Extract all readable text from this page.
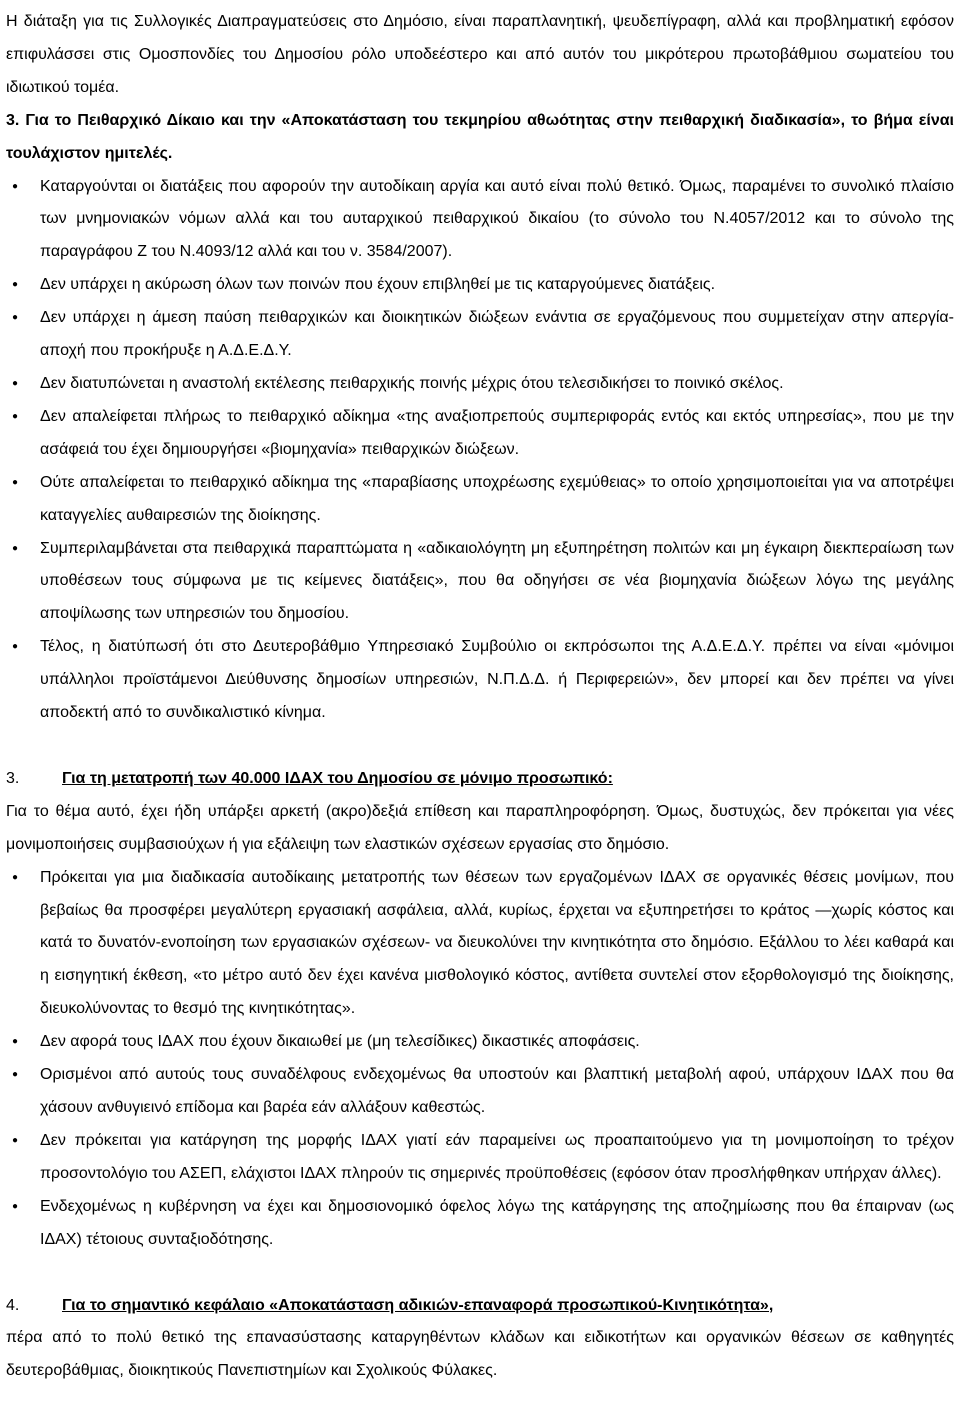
Η διάταξη για τις Συλλογικές Διαπραγματεύσεις στο Δημόσιο, είναι παραπλανητική, ψευδεπίγραφη, αλλά και προβληματική εφόσον επιφυλάσσει στις Ομοσπονδίες του Δημοσίου ρόλο υποδεέστερο και από αυτόν του μικρότερου πρωτοβάθμιου σωματείου του ιδιωτικού τομέα.

3. Για το Πειθαρχικό Δίκαιο και την «Αποκατάσταση του τεκμηρίου αθωότητας στην πειθαρχική διαδικασία», το βήμα είναι τουλάχιστον ημιτελές.

● Καταργούνται οι διατάξεις που αφορούν την αυτοδίκαιη αργία και αυτό είναι πολύ θετικό. Όμως, παραμένει το συνολικό πλαίσιο των μνημονιακών νόμων αλλά και του αυταρχικού πειθαρχικού δικαίου (το σύνολο του Ν.4057/2012 και το σύνολο της παραγράφου Ζ του Ν.4093/12 αλλά και του ν. 3584/2007).

● Δεν υπάρχει η ακύρωση όλων των ποινών που έχουν επιβληθεί με τις καταργούμενες διατάξεις.

● Δεν υπάρχει η άμεση παύση πειθαρχικών και διοικητικών διώξεων ενάντια σε εργαζόμενους που συμμετείχαν στην απεργία-αποχή που προκήρυξε η Α.Δ.Ε.Δ.Υ.

● Δεν διατυπώνεται η αναστολή εκτέλεσης πειθαρχικής ποινής μέχρις ότου τελεσιδικήσει το ποινικό σκέλος.

● Δεν απαλείφεται πλήρως το πειθαρχικό αδίκημα «της αναξιοπρεπούς συμπεριφοράς εντός και εκτός υπηρεσίας», που με την ασάφειά του έχει δημιουργήσει «βιομηχανία» πειθαρχικών διώξεων.

● Ούτε απαλείφεται το πειθαρχικό αδίκημα της «παραβίασης υποχρέωσης εχεμύθειας» το οποίο χρησιμοποιείται για να αποτρέψει καταγγελίες αυθαιρεσιών της διοίκησης.

● Συμπεριλαμβάνεται στα πειθαρχικά παραπτώματα η «αδικαιολόγητη μη εξυπηρέτηση πολιτών και μη έγκαιρη διεκπεραίωση των υποθέσεων τους σύμφωνα με τις κείμενες διατάξεις», που θα οδηγήσει σε νέα βιομηχανία διώξεων λόγω της μεγάλης αποψίλωσης των υπηρεσιών του δημοσίου.

● Τέλος, η διατύπωσή ότι στο Δευτεροβάθμιο Υπηρεσιακό Συμβούλιο οι εκπρόσωποι της Α.Δ.Ε.Δ.Υ. πρέπει να είναι «μόνιμοι υπάλληλοι προϊστάμενοι Διεύθυνσης δημοσίων υπηρεσιών, Ν.Π.Δ.Δ. ή Περιφερειών», δεν μπορεί και δεν πρέπει να γίνει αποδεκτή από το συνδικαλιστικό κίνημα.

3.	Για τη μετατροπή των 40.000 ΙΔΑΧ του Δημοσίου σε μόνιμο προσωπικό:

Για το θέμα αυτό, έχει ήδη υπάρξει αρκετή (ακρο)δεξιά επίθεση και παραπληροφόρηση. Όμως, δυστυχώς, δεν πρόκειται για νέες μονιμοποιήσεις συμβασιούχων ή για εξάλειψη των ελαστικών σχέσεων εργασίας στο δημόσιο.

● Πρόκειται για μια διαδικασία αυτοδίκαιης μετατροπής των θέσεων των εργαζομένων ΙΔΑΧ σε οργανικές θέσεις μονίμων, που βεβαίως θα προσφέρει μεγαλύτερη εργασιακή ασφάλεια, αλλά, κυρίως, έρχεται να εξυπηρετήσει το κράτος —χωρίς κόστος και κατά το δυνατόν-ενοποίηση των εργασιακών σχέσεων- να διευκολύνει την κινητικότητα στο δημόσιο. Εξάλλου το λέει καθαρά και η εισηγητική έκθεση, «το μέτρο αυτό δεν έχει κανένα μισθολογικό κόστος, αντίθετα συντελεί στον εξορθολογισμό της διοίκησης, διευκολύνοντας το θεσμό της κινητικότητας».

● Δεν αφορά τους ΙΔΑΧ που έχουν δικαιωθεί με (μη τελεσίδικες) δικαστικές αποφάσεις.

● Ορισμένοι από αυτούς τους συναδέλφους ενδεχομένως θα υποστούν και βλαπτική μεταβολή αφού, υπάρχουν ΙΔΑΧ που θα χάσουν ανθυγιεινό επίδομα και βαρέα εάν αλλάξουν καθεστώς.

● Δεν πρόκειται για κατάργηση της μορφής ΙΔΑΧ γιατί εάν παραμείνει ως προαπαιτούμενο για τη μονιμοποίηση το τρέχον προσοντολόγιο του ΑΣΕΠ, ελάχιστοι ΙΔΑΧ πληρούν τις σημερινές προϋποθέσεις (εφόσον όταν προσλήφθηκαν υπήρχαν άλλες).

● Ενδεχομένως η κυβέρνηση να έχει και δημοσιονομικό όφελος λόγω της κατάργησης της αποζημίωσης που θα έπαιρναν (ως ΙΔΑΧ) τέτοιους συνταξιοδότησης.

4.	Για το σημαντικό κεφάλαιο «Αποκατάσταση αδικιών-επαναφορά προσωπικού-Κινητικότητα»,

πέρα από το πολύ θετικό της επανασύστασης καταργηθέντων κλάδων και ειδικοτήτων και οργανικών θέσεων σε καθηγητές δευτεροβάθμιας, διοικητικούς Πανεπιστημίων και Σχολικούς Φύλακες.
